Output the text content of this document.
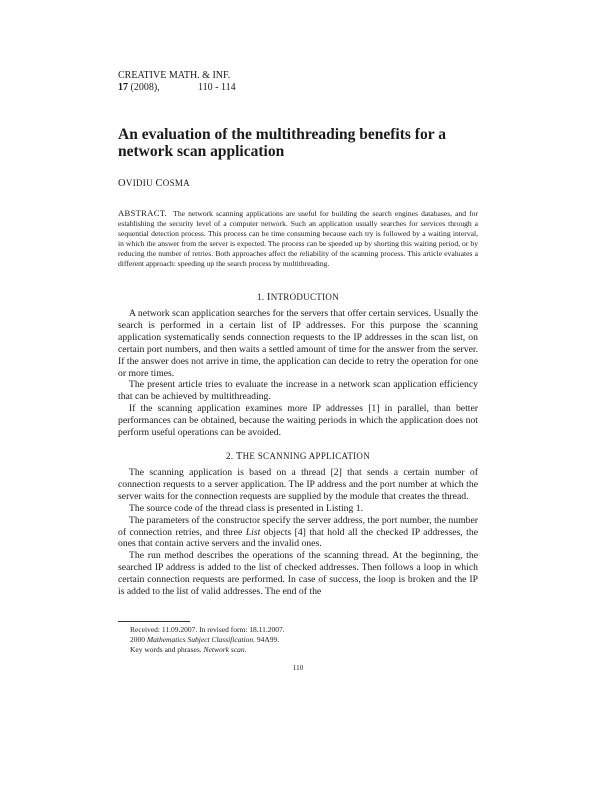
CREATIVE MATH. & INF.
17 (2008),	110 - 114
An evaluation of the multithreading benefits for a network scan application
OVIDIU COSMA
ABSTRACT. The network scanning applications are useful for building the search engines databases, and for establishing the security level of a computer network. Such an application usually searches for services through a sequential detection process. This process can be time consuming because each try is followed by a waiting interval, in which the answer from the server is expected. The process can be speeded up by shorting this waiting period, or by reducing the number of retries. Both approaches affect the reliability of the scanning process. This article evaluates a different approach: speeding up the search process by multithreading.
1. INTRODUCTION

A network scan application searches for the servers that offer certain services. Usually the search is performed in a certain list of IP addresses. For this purpose the scanning application systematically sends connection requests to the IP addresses in the scan list, on certain port numbers, and then waits a settled amount of time for the answer from the server. If the answer does not arrive in time, the application can decide to retry the operation for one or more times.

The present article tries to evaluate the increase in a network scan application efficiency that can be achieved by multithreading.

If the scanning application examines more IP addresses [1] in parallel, than better performances can be obtained, because the waiting periods in which the application does not perform useful operations can be avoided.

2. THE SCANNING APPLICATION

The scanning application is based on a thread [2] that sends a certain number of connection requests to a server application. The IP address and the port number at which the server waits for the connection requests are supplied by the module that creates the thread.

The source code of the thread class is presented in Listing 1.

The parameters of the constructor specify the server address, the port number, the number of connection retries, and three List objects [4] that hold all the checked IP addresses, the ones that contain active servers and the invalid ones.

The run method describes the operations of the scanning thread. At the beginning, the searched IP address is added to the list of checked addresses. Then follows a loop in which certain connection requests are performed. In case of success, the loop is broken and the IP is added to the list of valid addresses. The end of the

Received: 11.09.2007. In revised form: 18.11.2007.
2000 Mathematics Subject Classification. 94A99.
Key words and phrases. Network scan.
110
